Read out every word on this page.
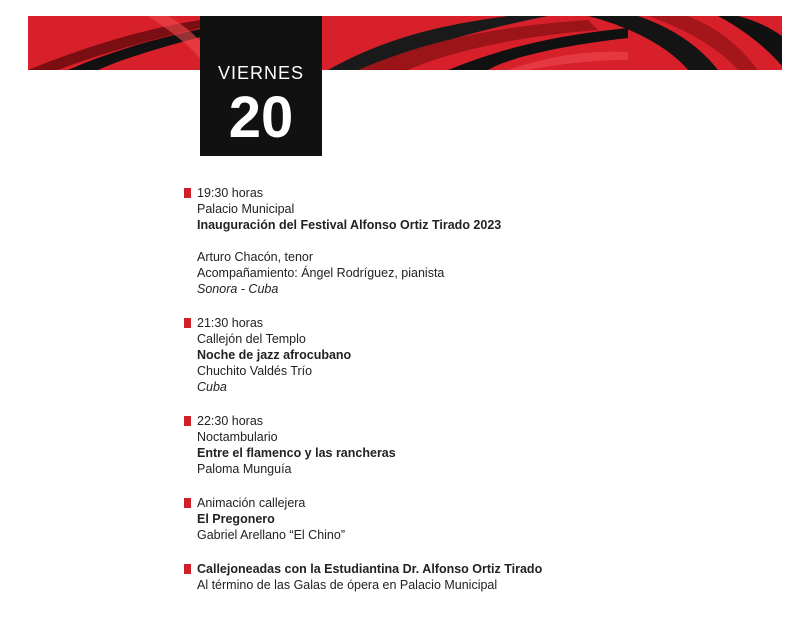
VIERNES
20
19:30 horas
Palacio Municipal
Inauguración del Festival Alfonso Ortiz Tirado 2023
Arturo Chacón, tenor
Acompañamiento: Ángel Rodríguez, pianista
Sonora - Cuba
21:30 horas
Callejón del Templo
Noche de jazz afrocubano
Chuchito Valdés Trío
Cuba
22:30 horas
Noctambulario
Entre el flamenco y las rancheras
Paloma Munguía
Animación callejera
El Pregonero
Gabriel Arellano “El Chino”
Callejoneadas con la Estudiantina Dr. Alfonso Ortiz Tirado
Al término de las Galas de ópera en Palacio Municipal
